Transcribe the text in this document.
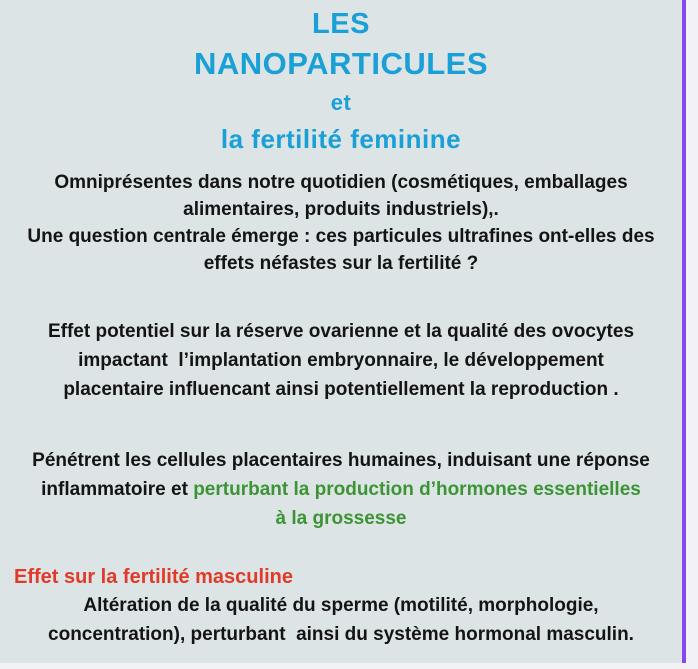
LES
NANOPARTICULES
et
la fertilité feminine
Omniprésentes dans notre quotidien (cosmétiques, emballages
alimentaires, produits industriels),.
Une question centrale émerge : ces particules ultrafines ont-elles des
effets néfastes sur la fertilité ?
Effet potentiel sur la réserve ovarienne et la qualité des ovocytes
impactant  l’implantation embryonnaire, le développement
placentaire influencant ainsi potentiellement la reproduction .
Pénétrent les cellules placentaires humaines, induisant une réponse
inflammatoire et perturbant la production d’hormones essentielles
à la grossesse
Effet sur la fertilité masculine
Altération de la qualité du sperme (motilité, morphologie,
concentration), perturbant  ainsi du système hormonal masculin.
